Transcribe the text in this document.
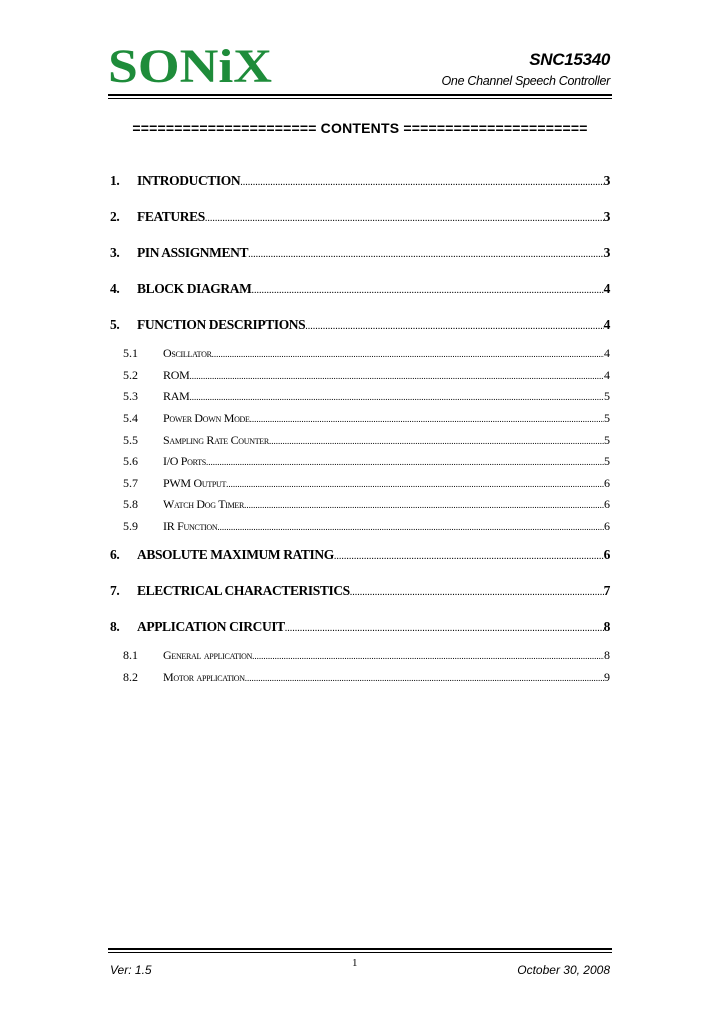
SONiX	SNC15340
One Channel Speech Controller
====================== CONTENTS ======================
1.	INTRODUCTION .....	3
2.	FEATURES .....	3
3.	PIN ASSIGNMENT .....	3
4.	BLOCK DIAGRAM .....	4
5.	FUNCTION DESCRIPTIONS .....	4
5.1	Oscillator .....	4
5.2	ROM .....	4
5.3	RAM .....	5
5.4	Power Down Mode .....	5
5.5	Sampling Rate Counter .....	5
5.6	I/O Ports .....	5
5.7	PWM Output .....	6
5.8	Watch Dog Timer .....	6
5.9	IR Function .....	6
6.	ABSOLUTE MAXIMUM RATING .....	6
7.	ELECTRICAL CHARACTERISTICS .....	7
8.	APPLICATION CIRCUIT .....	8
8.1	General application .....	8
8.2	Motor application .....	9
Ver: 1.5	1	October 30, 2008
